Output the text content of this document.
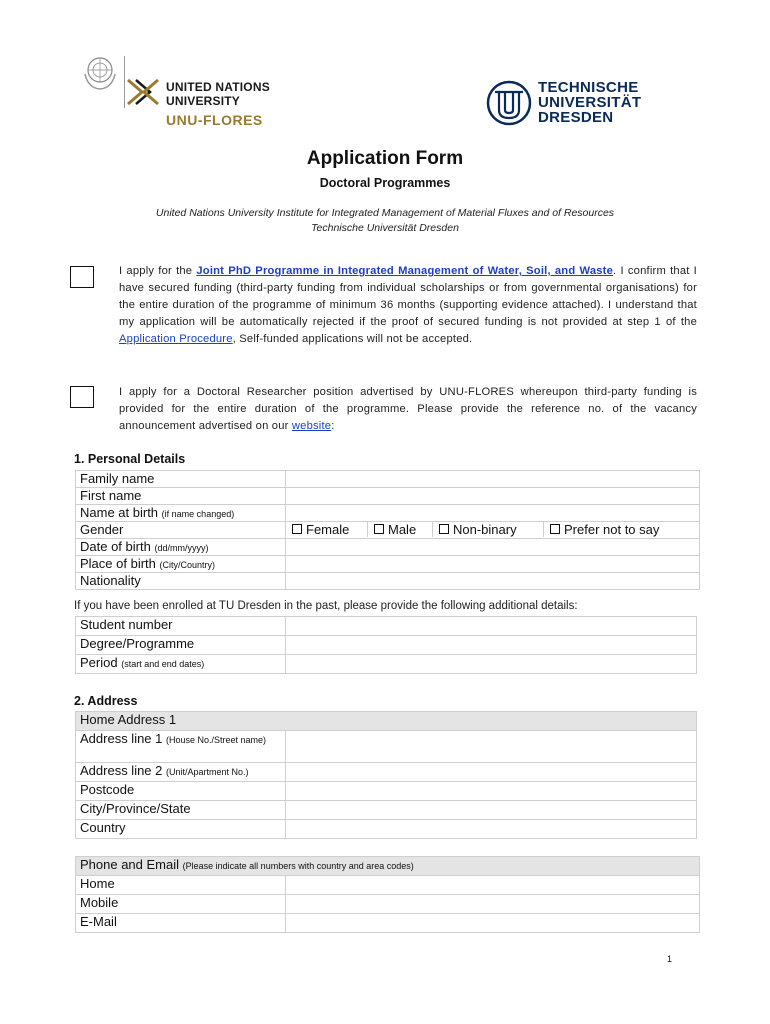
UNITED NATIONS
UNIVERSITY
UNU-FLORES
TECHNISCHE
UNIVERSITÄT
DRESDEN
Application Form
Doctoral Programmes
United Nations University Institute for Integrated Management of Material Fluxes and of Resources
Technische Universität Dresden
I apply for the Joint PhD Programme in Integrated Management of Water, Soil, and Waste. I confirm that I have secured funding (third-party funding from individual scholarships or from governmental organisations) for the entire duration of the programme of minimum 36 months (supporting evidence attached). I understand that my application will be automatically rejected if the proof of secured funding is not provided at step 1 of the Application Procedure, Self-funded applications will not be accepted.
I apply for a Doctoral Researcher position advertised by UNU-FLORES whereupon third-party funding is provided for the entire duration of the programme. Please provide the reference no. of the vacancy announcement advertised on our website:
1. Personal Details
Family name	
First name	
Name at birth (if name changed)	
Gender		Female	Male	Non-binary	Prefer not to say

Date of birth (dd/mm/yyyy)	
Place of birth (City/Country)	
Nationality	
If you have been enrolled at TU Dresden in the past, please provide the following additional details:
Student number	
Degree/Programme	
Period (start and end dates)	
2. Address
Home Address 1	
Address line 1 (House No./Street name)	
Address line 2 (Unit/Apartment No.)	
Postcode	
City/Province/State	
Country	
Phone and Email (Please indicate all numbers with country and area codes)	
Home	
Mobile	
E-Mail	
1
